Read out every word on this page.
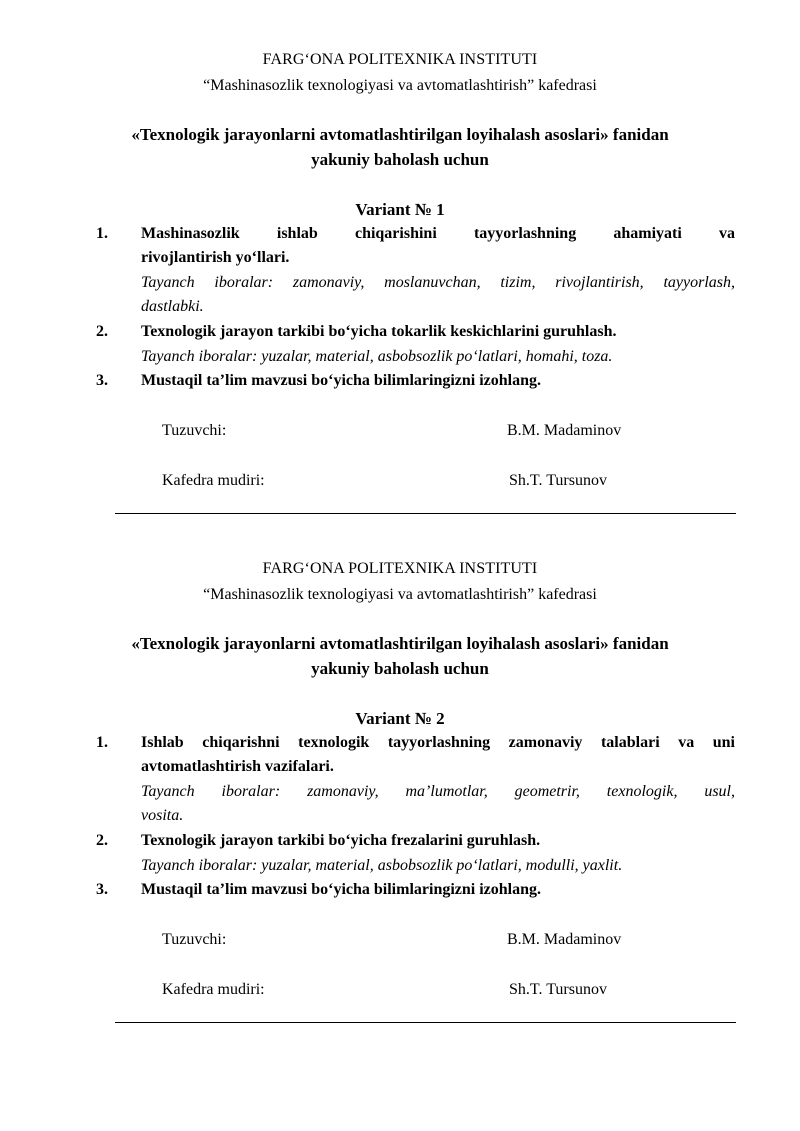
FARG‘ONA POLITEXNIKA INSTITUTI
“Mashinasozlik texnologiyasi va avtomatlashtirish” kafedrasi
«Texnologik jarayonlarni avtomatlashtirilgan loyihalash asoslari» fanidan
yakuniy baholash uchun
Variant № 1
1. Mashinasozlik ishlab chiqarishini tayyorlashning ahamiyati va
rivojlantirish yo‘llari.
Tayanch iboralar: zamonaviy, moslanuvchan, tizim, rivojlantirish, tayyorlash,
dastlabki.
2. Texnologik jarayon tarkibi bo‘yicha tokarlik keskichlarini guruhlash.
Tayanch iboralar: yuzalar, material, asbobsozlik po‘latlari, homahi, toza.
3. Mustaqil ta’lim mavzusi bo‘yicha bilimlaringizni izohlang.
Tuzuvchi:	B.M. Madaminov
Kafedra mudiri:	Sh.T. Tursunov
FARG‘ONA POLITEXNIKA INSTITUTI
“Mashinasozlik texnologiyasi va avtomatlashtirish” kafedrasi
«Texnologik jarayonlarni avtomatlashtirilgan loyihalash asoslari» fanidan
yakuniy baholash uchun
Variant № 2
1. Ishlab chiqarishni texnologik tayyorlashning zamonaviy talablari va uni
avtomatlashtirish vazifalari.
Tayanch iboralar: zamonaviy, ma’lumotlar, geometrir, texnologik, usul,
vosita.
2. Texnologik jarayon tarkibi bo‘yicha frezalarini guruhlash.
Tayanch iboralar: yuzalar, material, asbobsozlik po‘latlari, modulli, yaxlit.
3. Mustaqil ta’lim mavzusi bo‘yicha bilimlaringizni izohlang.
Tuzuvchi:	B.M. Madaminov
Kafedra mudiri:	Sh.T. Tursunov
